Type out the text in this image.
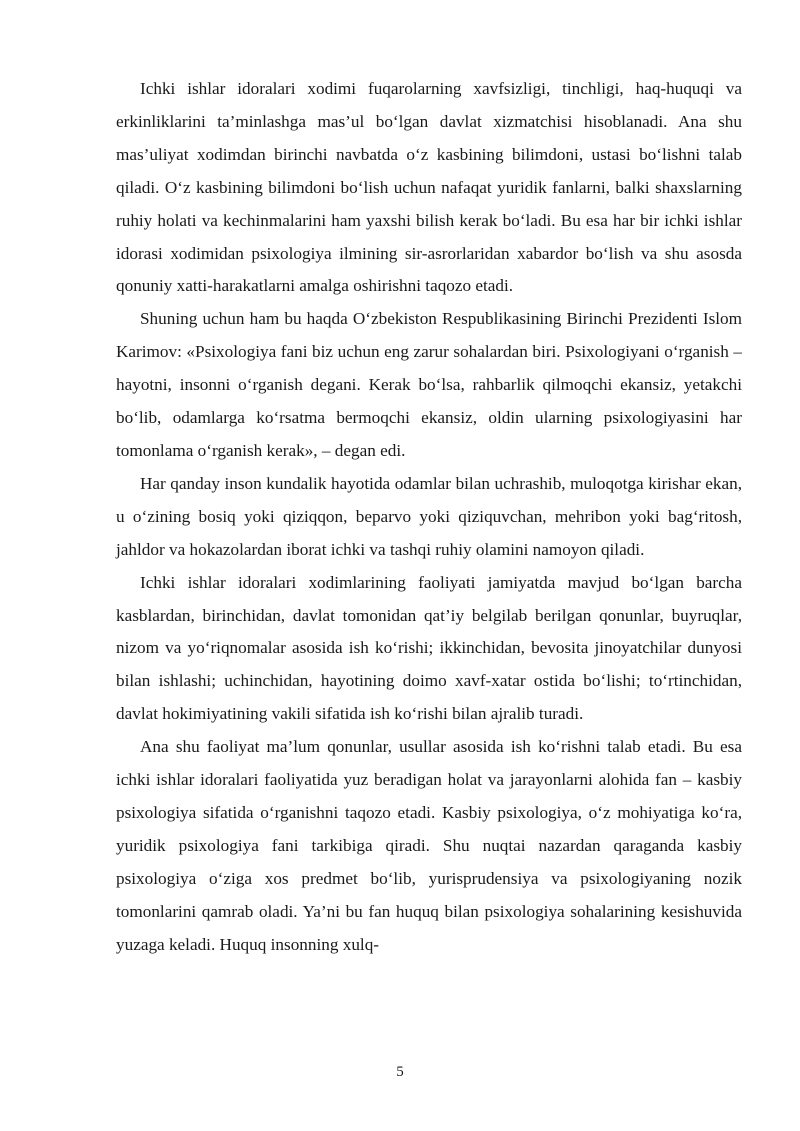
Ichki ishlar idoralari xodimi fuqarolarning xavfsizligi, tinchligi, haq-huquqi va erkinliklarini ta’minlashga mas’ul bo‘lgan davlat xizmatchisi hisoblanadi. Ana shu mas’uliyat xodimdan birinchi navbatda o‘z kasbining bilimdoni, ustasi bo‘lishni talab qiladi. O‘z kasbining bilimdoni bo‘lish uchun nafaqat yuridik fanlarni, balki shaxslarning ruhiy holati va kechinmalarini ham yaxshi bilish kerak bo‘ladi. Bu esa har bir ichki ishlar idorasi xodimidan psixologiya ilmining sir-asrorlaridan xabardor bo‘lish va shu asosda qonuniy xatti-harakatlarni amalga oshirishni taqozo etadi.

Shuning uchun ham bu haqda O‘zbekiston Respublikasining Birinchi Prezidenti Islom Karimov: «Psixologiya fani biz uchun eng zarur sohalardan biri. Psixologiyani o‘rganish – hayotni, insonni o‘rganish degani. Kerak bo‘lsa, rahbarlik qilmoqchi ekansiz, yetakchi bo‘lib, odamlarga ko‘rsatma bermoqchi ekansiz, oldin ularning psixologiyasini har tomonlama o‘rganish kerak», – degan edi.

Har qanday inson kundalik hayotida odamlar bilan uchrashib, muloqotga kirishar ekan, u o‘zining bosiq yoki qiziqqon, beparvo yoki qiziquvchan, mehribon yoki bag‘ritosh, jahldor va hokazolardan iborat ichki va tashqi ruhiy olamini namoyon qiladi.

Ichki ishlar idoralari xodimlarining faoliyati jamiyatda mavjud bo‘lgan barcha kasblardan, birinchidan, davlat tomonidan qat’iy belgilab berilgan qonunlar, buyruqlar, nizom va yo‘riqnomalar asosida ish ko‘rishi; ikkinchidan, bevosita jinoyatchilar dunyosi bilan ishlashi; uchinchidan, hayotining doimo xavf-xatar ostida bo‘lishi; to‘rtinchidan, davlat hokimiyatining vakili sifatida ish ko‘rishi bilan ajralib turadi.

Ana shu faoliyat ma’lum qonunlar, usullar asosida ish ko‘rishni talab etadi. Bu esa ichki ishlar idoralari faoliyatida yuz beradigan holat va jarayonlarni alohida fan – kasbiy psixologiya sifatida o‘rganishni taqozo etadi. Kasbiy psixologiya, o‘z mohiyatiga ko‘ra, yuridik psixologiya fani tarkibiga qiradi. Shu nuqtai nazardan qaraganda kasbiy psixologiya o‘ziga xos predmet bo‘lib, yurisprudensiya va psixologiyaning nozik tomonlarini qamrab oladi. Ya’ni bu fan huquq bilan psixologiya sohalarining kesishuvida yuzaga keladi. Huquq insonning xulq-

5
